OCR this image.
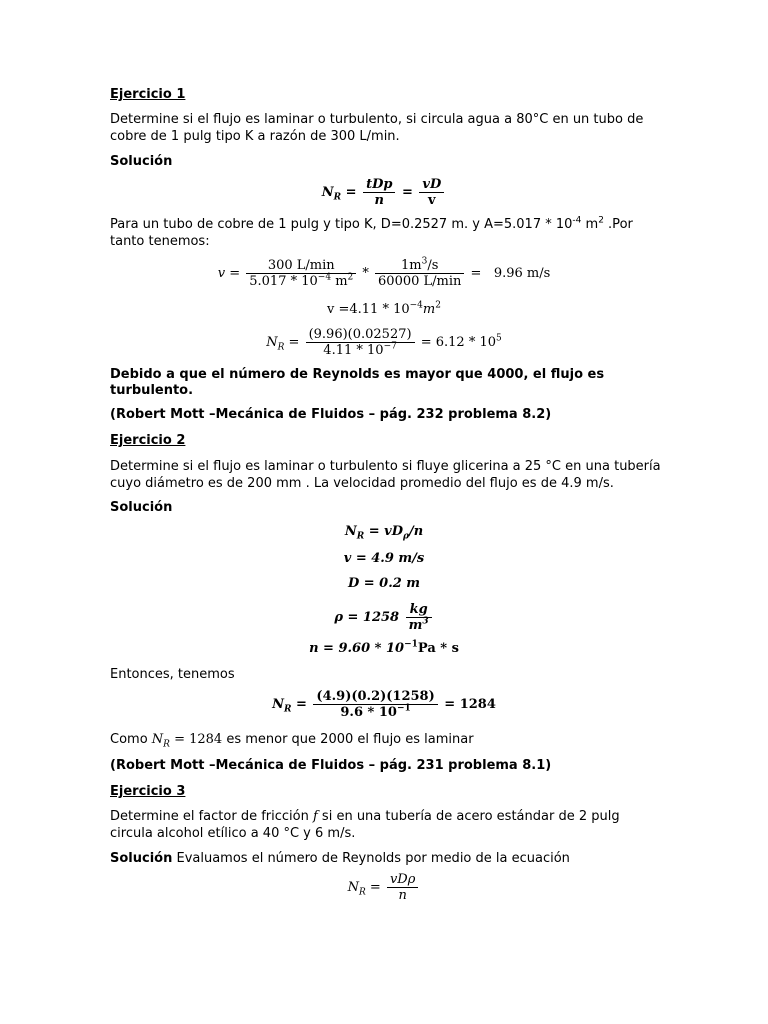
Ejercicio 1
Determine si el flujo es laminar o turbulento, si circula agua a 80°C en un tubo de
cobre de 1 pulg tipo K a razón de 300 L/min.
Solución
$N_R = \frac{\text{tDp}}{n} = \frac{vD}{v}$
Para un tubo de cobre de 1 pulg y tipo K, D=0.2527 m. y $A=5.017 * 10^{-4}$ $m^2$ .Por
tanto tenemos:
$v = \frac{300 L/\min}{5.017 * 10^{-4} m^2} * \frac{1m^3/s}{60000 L/\min} = 9.96$ m/s
$v =4.11 * 10^{-4}m^2$
$N_R = \frac{(9.96)(0.02527)}{4.11 * 10^{-7}} = 6.12 * 10^5$
Debido a que el número de Reynolds es mayor que 4000, el flujo es
turbulento.
(Robert Mott –Mecánica de Fluidos – pág. 232 problema 8.2)
Ejercicio 2
Determine si el flujo es laminar o turbulento si fluye glicerina a 25 °C en una tubería
cuyo diámetro es de 200 mm . La velocidad promedio del flujo es de 4.9 m/s.
Solución
$N_R = vD_\rho/n$
v = 4.9 m/s
D = 0.2 m
$\rho = 1258 \frac{kg}{m^3}$
$n = 9.60 * 10^{-1}Pa * s$
Entonces, tenemos
$N_R = \frac{(4.9)(0.2)(1258)}{9.6 * 10^{-1}} = 1284$
Como $N_R = 1284$ es menor que 2000 el flujo es laminar
(Robert Mott –Mecánica de Fluidos – pág. 231 problema 8.1)
Ejercicio 3
Determine el factor de fricción f si en una tubería de acero estándar de 2 pulg
circula alcohol etílico a 40 °C y 6 m/s.
Solución Evaluamos el número de Reynolds por medio de la ecuación
$N_R = \frac{\text{vDρ}}{n}$
